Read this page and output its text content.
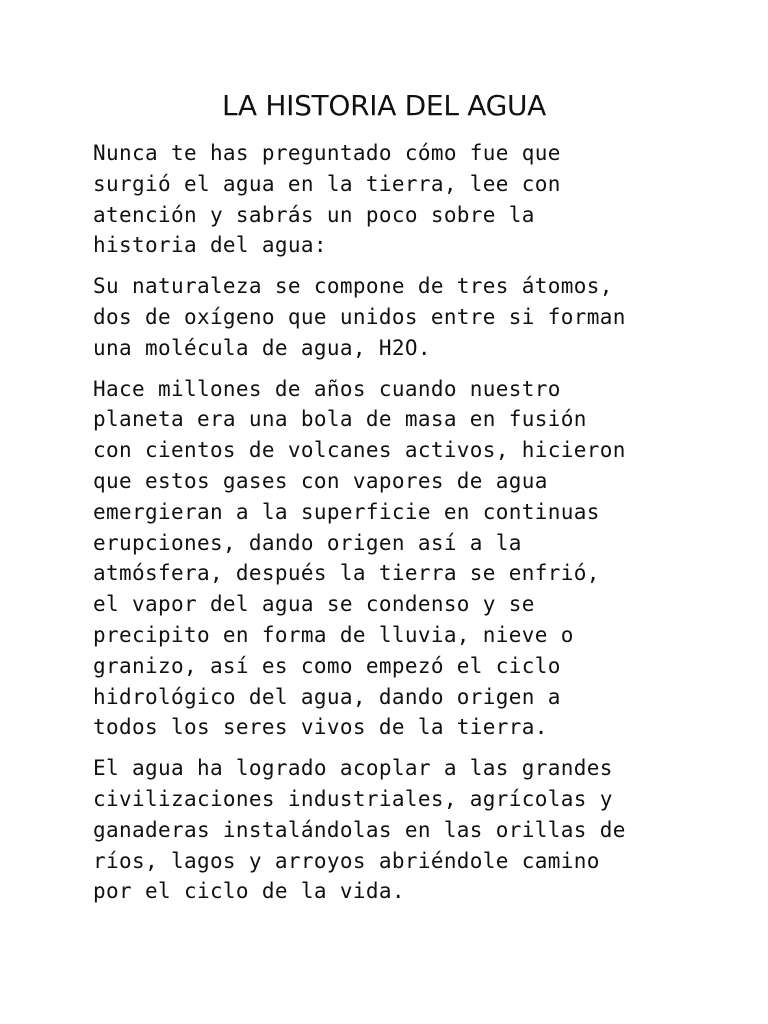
LA HISTORIA DEL AGUA

Nunca te has preguntado cómo fue que
surgió el agua en la tierra, lee con
atención y sabrás un poco sobre la
historia del agua:

Su naturaleza se compone de tres átomos,
dos de oxígeno que unidos entre si forman
una molécula de agua, H2O.

Hace millones de años cuando nuestro
planeta era una bola de masa en fusión
con cientos de volcanes activos, hicieron
que estos gases con vapores de agua
emergieran a la superficie en continuas
erupciones, dando origen así a la
atmósfera, después la tierra se enfrió,
el vapor del agua se condenso y se
precipito en forma de lluvia, nieve o
granizo, así es como empezó el ciclo
hidrológico del agua, dando origen a
todos los seres vivos de la tierra.

El agua ha logrado acoplar a las grandes
civilizaciones industriales, agrícolas y
ganaderas instalándolas en las orillas de
ríos, lagos y arroyos abriéndole camino
por el ciclo de la vida.
